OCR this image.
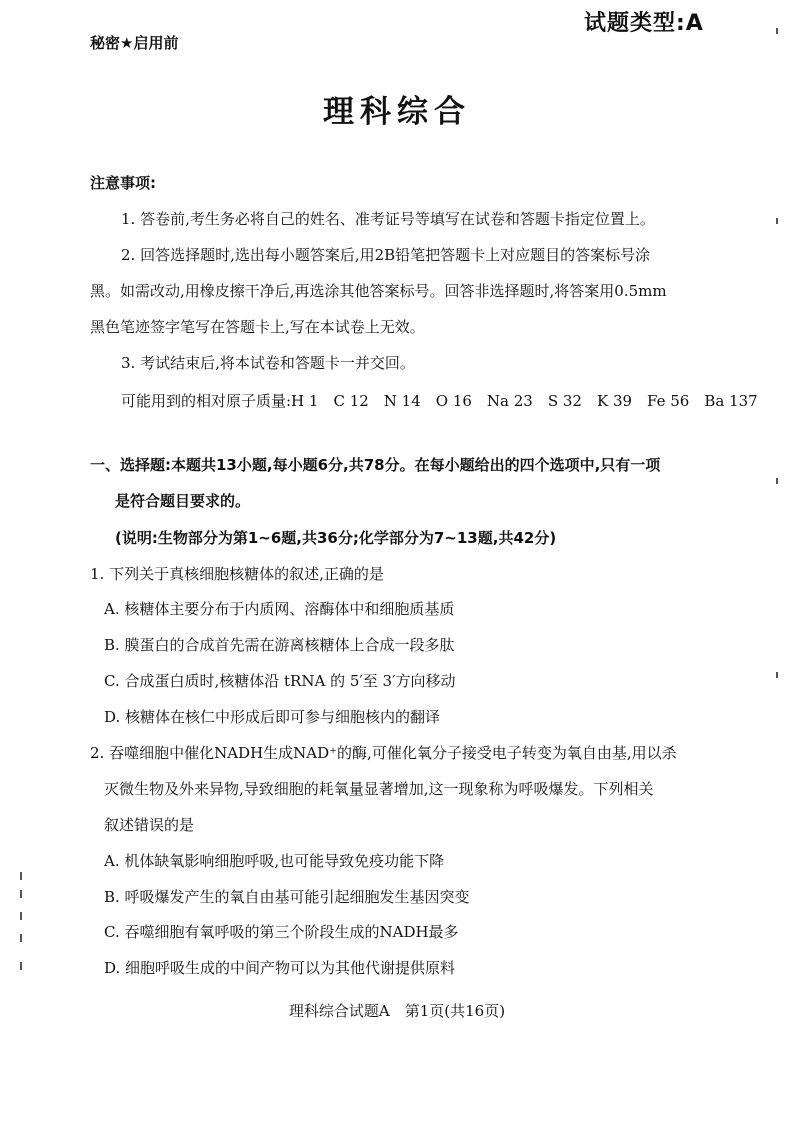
秘密★启用前
试题类型:A
理科综合
注意事项:
1. 答卷前,考生务必将自己的姓名、准考证号等填写在试卷和答题卡指定位置上。
2. 回答选择题时,选出每小题答案后,用2B铅笔把答题卡上对应题目的答案标号涂
黑。如需改动,用橡皮擦干净后,再选涂其他答案标号。回答非选择题时,将答案用0.5mm
黑色笔迹签字笔写在答题卡上,写在本试卷上无效。
3. 考试结束后,将本试卷和答题卡一并交回。
可能用到的相对原子质量:H 1　C 12　N 14　O 16　Na 23　S 32　K 39　Fe 56　Ba 137
一、选择题:本题共13小题,每小题6分,共78分。在每小题给出的四个选项中,只有一项
是符合题目要求的。
(说明:生物部分为第1~6题,共36分;化学部分为7~13题,共42分)
1. 下列关于真核细胞核糖体的叙述,正确的是
A. 核糖体主要分布于内质网、溶酶体中和细胞质基质
B. 膜蛋白的合成首先需在游离核糖体上合成一段多肽
C. 合成蛋白质时,核糖体沿 tRNA 的 5′至 3′方向移动
D. 核糖体在核仁中形成后即可参与细胞核内的翻译
2. 吞噬细胞中催化NADH生成NAD⁺的酶,可催化氧分子接受电子转变为氧自由基,用以杀
灭微生物及外来异物,导致细胞的耗氧量显著增加,这一现象称为呼吸爆发。下列相关
叙述错误的是
A. 机体缺氧影响细胞呼吸,也可能导致免疫功能下降
B. 呼吸爆发产生的氧自由基可能引起细胞发生基因突变
C. 吞噬细胞有氧呼吸的第三个阶段生成的NADH最多
D. 细胞呼吸生成的中间产物可以为其他代谢提供原料
理科综合试题A　第1页(共16页)
